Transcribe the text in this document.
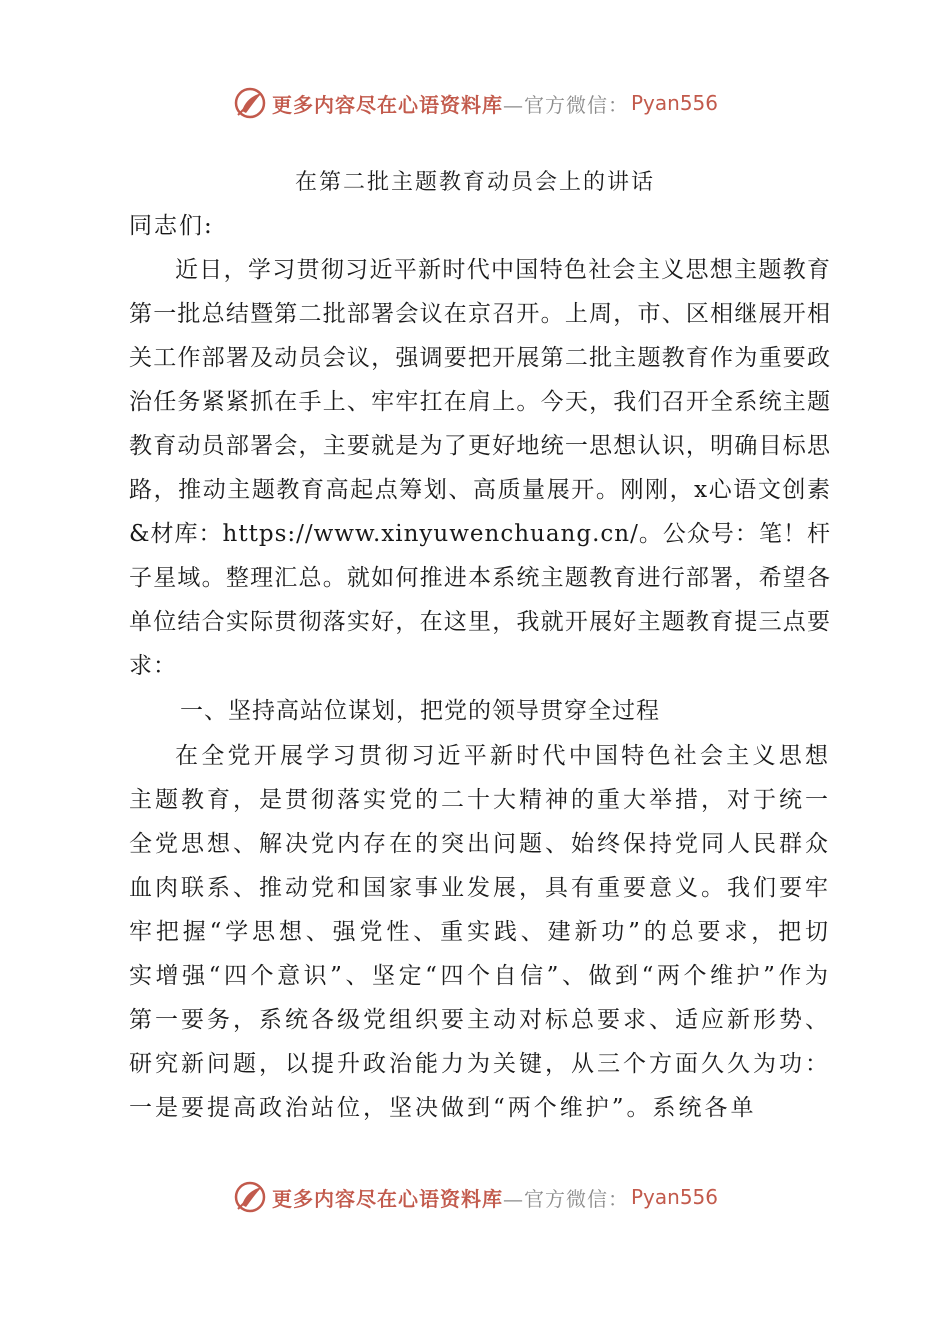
更多内容尽在心语资料库 —官方微信： Pyan556
在第二批主题教育动员会上的讲话
同志们:

近日，学习贯彻习近平新时代中国特色社会主义思想主题教育第一批总结暨第二批部署会议在京召开。上周，市、区相继展开相关工作部署及动员会议，强调要把开展第二批主题教育作为重要政治任务紧紧抓在手上、牢牢扛在肩上。今天，我们召开全系统主题教育动员部署会，主要就是为了更好地统一思想认识，明确目标思路，推动主题教育高起点筹划、高质量展开。刚刚，x心语文创素&材库：https://www.xinyuwenchuang.cn/。公众号：笔！杆子星域。整理汇总。就如何推进本系统主题教育进行部署，希望各单位结合实际贯彻落实好，在这里，我就开展好主题教育提三点要求：

一、坚持高站位谋划，把党的领导贯穿全过程

在全党开展学习贯彻习近平新时代中国特色社会主义思想主题教育，是贯彻落实党的二十大精神的重大举措，对于统一全党思想、解决党内存在的突出问题、始终保持党同人民群众血肉联系、推动党和国家事业发展，具有重要意义。我们要牢牢把握“学思想、强党性、重实践、建新功”的总要求，把切实增强“四个意识”、坚定“四个自信”、做到“两个维护”作为第一要务，系统各级党组织要主动对标总要求、适应新形势、研究新问题，以提升政治能力为关键，从三个方面久久为功：一是要提高政治站位，坚决做到“两个维护”。系统各单

更多内容尽在心语资料库 —官方微信： Pyan556
